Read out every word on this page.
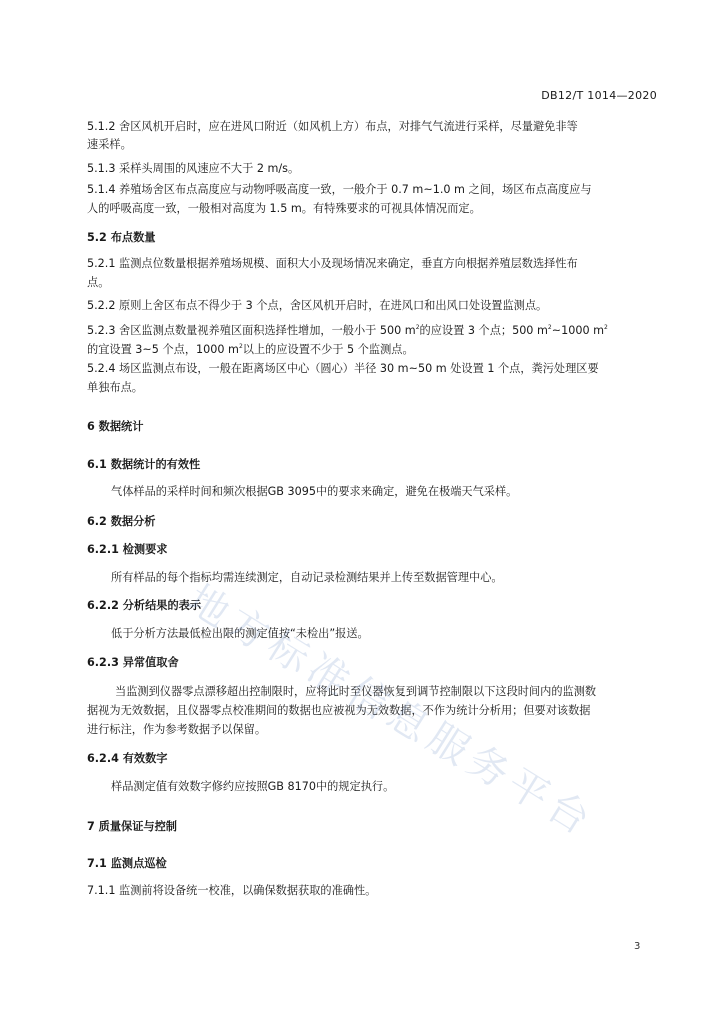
DB12/T 1014—2020
5.1.2 舍区风机开启时，应在进风口附近（如风机上方）布点，对排气气流进行采样，尽量避免非等
速采样。
5.1.3 采样头周围的风速应不大于 2 m/s。
5.1.4 养殖场舍区布点高度应与动物呼吸高度一致，一般介于 0.7 m~1.0 m 之间，场区布点高度应与
人的呼吸高度一致，一般相对高度为 1.5 m。有特殊要求的可视具体情况而定。
5.2 布点数量
5.2.1 监测点位数量根据养殖场规模、面积大小及现场情况来确定，垂直方向根据养殖层数选择性布
点。
5.2.2 原则上舍区布点不得少于 3 个点，舍区风机开启时，在进风口和出风口处设置监测点。
5.2.3 舍区监测点数量视养殖区面积选择性增加，一般小于 500 $m^2$的应设置 3 个点；500 $m^2\sim 1000$ $m^2$
的宜设置 3~5 个点，1000 $m^2$以上的应设置不少于 5 个监测点。
5.2.4 场区监测点布设，一般在距离场区中心（圆心）半径 30 m~50 m 处设置 1 个点，粪污处理区要
单独布点。
6 数据统计
6.1 数据统计的有效性
气体样品的采样时间和频次根据GB 3095中的要求来确定，避免在极端天气采样。
6.2 数据分析
6.2.1 检测要求
所有样品的每个指标均需连续测定，自动记录检测结果并上传至数据管理中心。
6.2.2 分析结果的表示
低于分析方法最低检出限的测定值按“未检出”报送。
6.2.3 异常值取舍
当监测到仪器零点漂移超出控制限时，应将此时至仪器恢复到调节控制限以下这段时间内的监测数
据视为无效数据，且仪器零点校准期间的数据也应被视为无效数据，不作为统计分析用；但要对该数据
进行标注，作为参考数据予以保留。
6.2.4 有效数字
样品测定值有效数字修约应按照GB 8170中的规定执行。
7 质量保证与控制
7.1 监测点巡检
7.1.1 监测前将设备统一校准，以确保数据获取的准确性。
3
地
方
标
准
信
息
服
务
平
台
